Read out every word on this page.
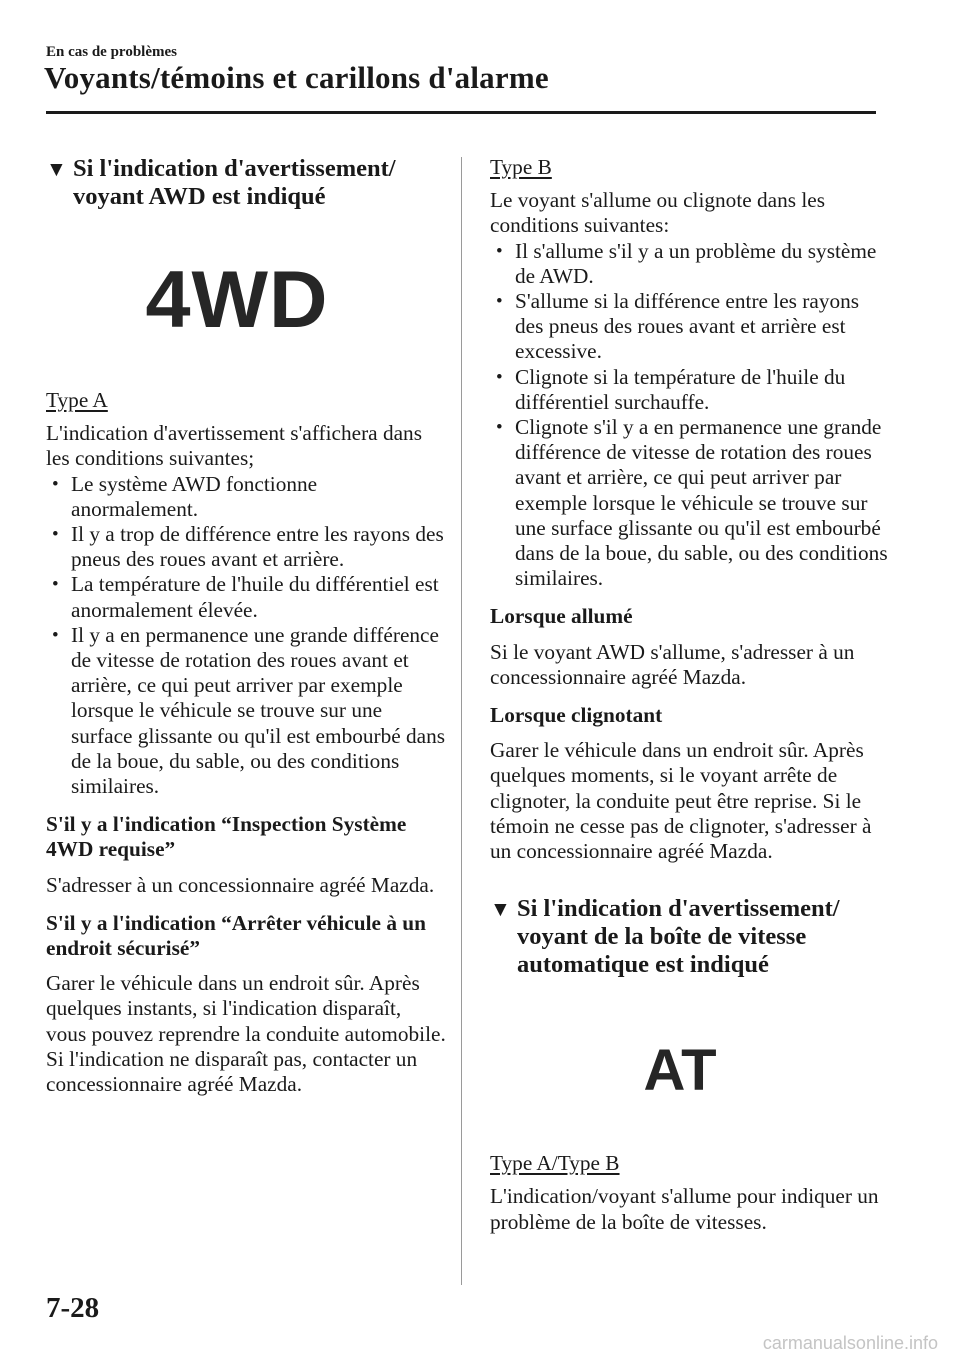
En cas de problèmes
Voyants/témoins et carillons d'alarme
▼ Si l'indication d'avertissement/ voyant AWD est indiqué
4WD

Type A

L'indication d'avertissement s'affichera dans les conditions suivantes;

• Le système AWD fonctionne anormalement.
• Il y a trop de différence entre les rayons des pneus des roues avant et arrière.
• La température de l'huile du différentiel est anormalement élevée.
• Il y a en permanence une grande différence de vitesse de rotation des roues avant et arrière, ce qui peut arriver par exemple lorsque le véhicule se trouve sur une surface glissante ou qu'il est embourbé dans de la boue, du sable, ou des conditions similaires.

S'il y a l'indication “Inspection Système 4WD requise”

S'adresser à un concessionnaire agréé Mazda.

S'il y a l'indication “Arrêter véhicule à un endroit sécurisé”

Garer le véhicule dans un endroit sûr. Après quelques instants, si l'indication disparaît, vous pouvez reprendre la conduite automobile. Si l'indication ne disparaît pas, contacter un concessionnaire agréé Mazda.

Type B

Le voyant s'allume ou clignote dans les conditions suivantes:

• Il s'allume s'il y a un problème du système de AWD.
• S'allume si la différence entre les rayons des pneus des roues avant et arrière est excessive.
• Clignote si la température de l'huile du différentiel surchauffe.
• Clignote s'il y a en permanence une grande différence de vitesse de rotation des roues avant et arrière, ce qui peut arriver par exemple lorsque le véhicule se trouve sur une surface glissante ou qu'il est embourbé dans de la boue, du sable, ou des conditions similaires.

Lorsque allumé

Si le voyant AWD s'allume, s'adresser à un concessionnaire agréé Mazda.

Lorsque clignotant

Garer le véhicule dans un endroit sûr. Après quelques moments, si le voyant arrête de clignoter, la conduite peut être reprise. Si le témoin ne cesse pas de clignoter, s'adresser à un concessionnaire agréé Mazda.

▼ Si l'indication d'avertissement/ voyant de la boîte de vitesse automatique est indiqué
AT

Type A/Type B

L'indication/voyant s'allume pour indiquer un problème de la boîte de vitesses.

7-28
carmanualsonline.info
